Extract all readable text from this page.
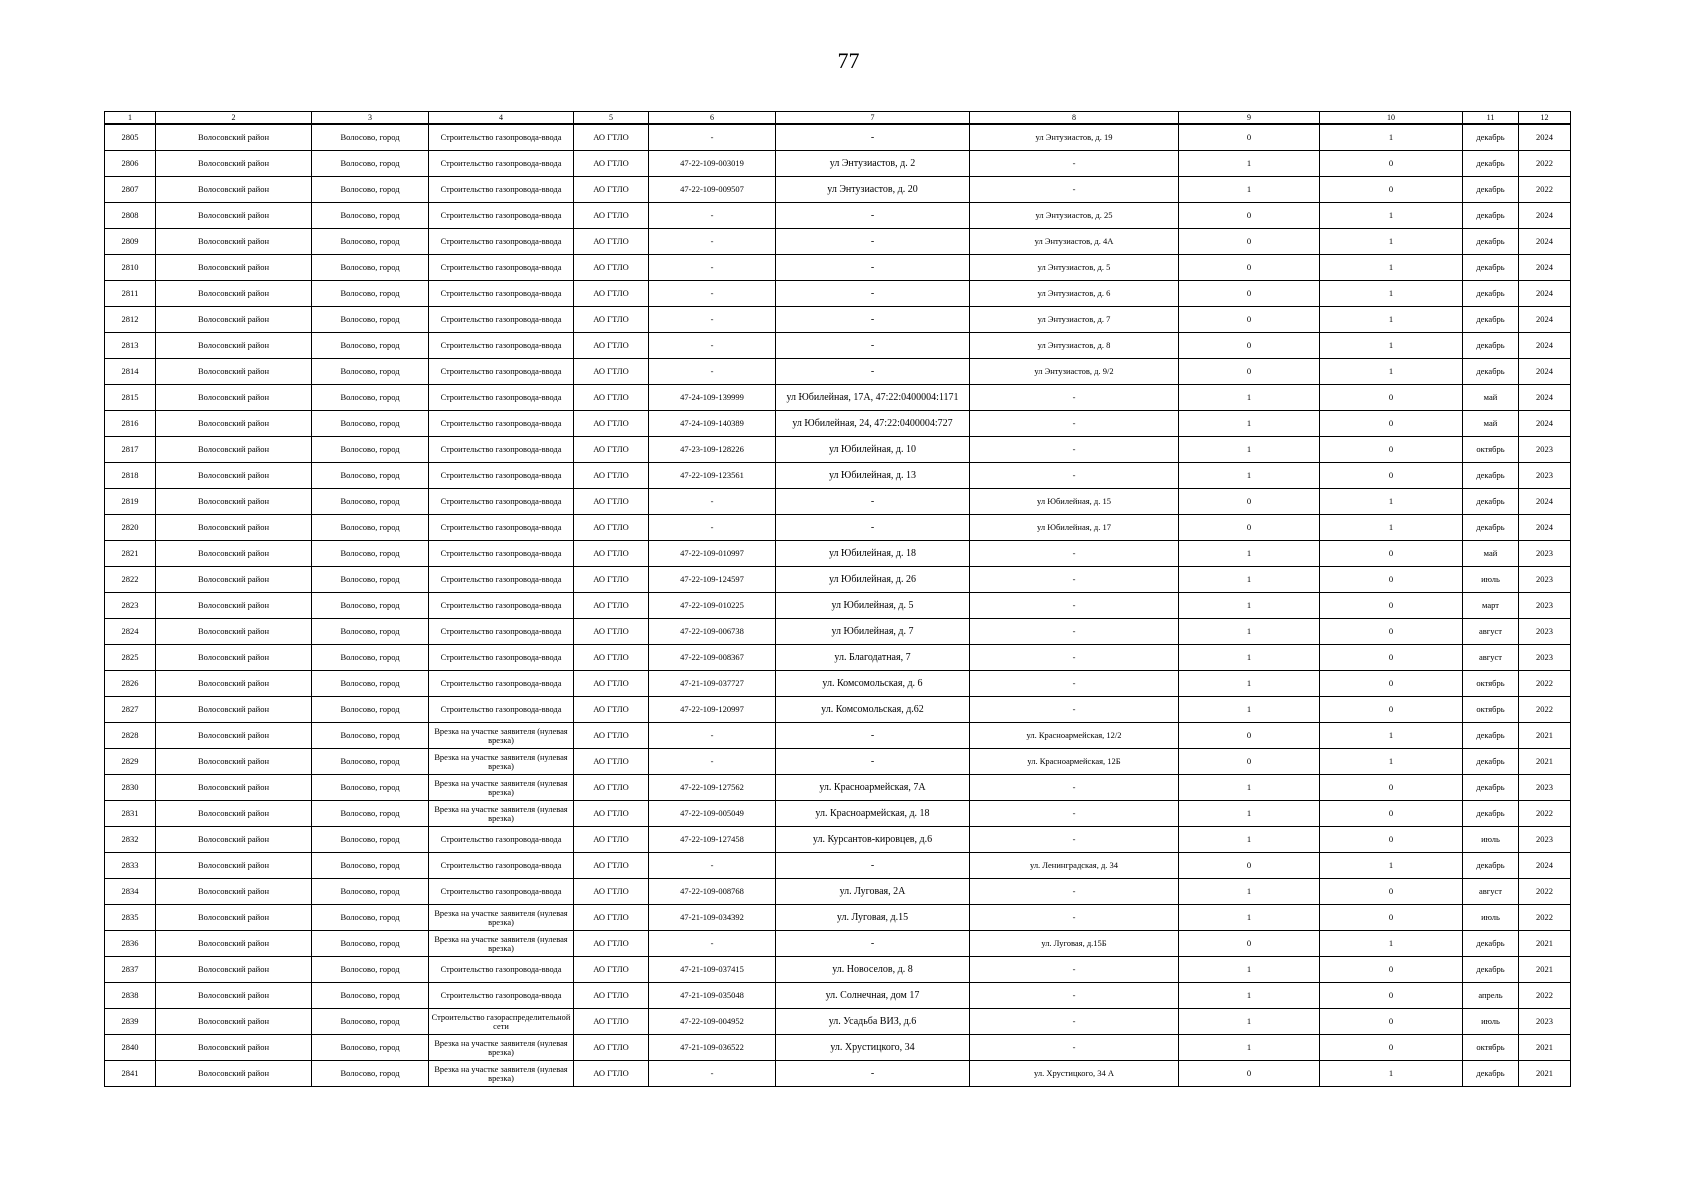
77
1	2	3	4	5	6	7	8	9	10	11	12
2805	Волосовский район	Волосово, город	Строительство газопровода-ввода	АО ГТЛО	-	-	ул Энтузиастов, д. 19	0	1	декабрь	2024
2806	Волосовский район	Волосово, город	Строительство газопровода-ввода	АО ГТЛО	47-22-109-003019	ул Энтузиастов, д. 2	-	1	0	декабрь	2022
2807	Волосовский район	Волосово, город	Строительство газопровода-ввода	АО ГТЛО	47-22-109-009507	ул Энтузиастов, д. 20	-	1	0	декабрь	2022
2808	Волосовский район	Волосово, город	Строительство газопровода-ввода	АО ГТЛО	-	-	ул Энтузиастов, д. 25	0	1	декабрь	2024
2809	Волосовский район	Волосово, город	Строительство газопровода-ввода	АО ГТЛО	-	-	ул Энтузиастов, д. 4А	0	1	декабрь	2024
2810	Волосовский район	Волосово, город	Строительство газопровода-ввода	АО ГТЛО	-	-	ул Энтузиастов, д. 5	0	1	декабрь	2024
2811	Волосовский район	Волосово, город	Строительство газопровода-ввода	АО ГТЛО	-	-	ул Энтузиастов, д. 6	0	1	декабрь	2024
2812	Волосовский район	Волосово, город	Строительство газопровода-ввода	АО ГТЛО	-	-	ул Энтузиастов, д. 7	0	1	декабрь	2024
2813	Волосовский район	Волосово, город	Строительство газопровода-ввода	АО ГТЛО	-	-	ул Энтузиастов, д. 8	0	1	декабрь	2024
2814	Волосовский район	Волосово, город	Строительство газопровода-ввода	АО ГТЛО	-	-	ул Энтузиастов, д. 9/2	0	1	декабрь	2024
2815	Волосовский район	Волосово, город	Строительство газопровода-ввода	АО ГТЛО	47-24-109-139999	ул Юбилейная, 17А, 47:22:0400004:1171	-	1	0	май	2024
2816	Волосовский район	Волосово, город	Строительство газопровода-ввода	АО ГТЛО	47-24-109-140389	ул Юбилейная, 24, 47:22:0400004:727	-	1	0	май	2024
2817	Волосовский район	Волосово, город	Строительство газопровода-ввода	АО ГТЛО	47-23-109-128226	ул Юбилейная, д. 10	-	1	0	октябрь	2023
2818	Волосовский район	Волосово, город	Строительство газопровода-ввода	АО ГТЛО	47-22-109-123561	ул Юбилейная, д. 13	-	1	0	декабрь	2023
2819	Волосовский район	Волосово, город	Строительство газопровода-ввода	АО ГТЛО	-	-	ул Юбилейная, д. 15	0	1	декабрь	2024
2820	Волосовский район	Волосово, город	Строительство газопровода-ввода	АО ГТЛО	-	-	ул Юбилейная, д. 17	0	1	декабрь	2024
2821	Волосовский район	Волосово, город	Строительство газопровода-ввода	АО ГТЛО	47-22-109-010997	ул Юбилейная, д. 18	-	1	0	май	2023
2822	Волосовский район	Волосово, город	Строительство газопровода-ввода	АО ГТЛО	47-22-109-124597	ул Юбилейная, д. 26	-	1	0	июль	2023
2823	Волосовский район	Волосово, город	Строительство газопровода-ввода	АО ГТЛО	47-22-109-010225	ул Юбилейная, д. 5	-	1	0	март	2023
2824	Волосовский район	Волосово, город	Строительство газопровода-ввода	АО ГТЛО	47-22-109-006738	ул Юбилейная, д. 7	-	1	0	август	2023
2825	Волосовский район	Волосово, город	Строительство газопровода-ввода	АО ГТЛО	47-22-109-008367	ул. Благодатная, 7	-	1	0	август	2023
2826	Волосовский район	Волосово, город	Строительство газопровода-ввода	АО ГТЛО	47-21-109-037727	ул. Комсомольская, д. 6	-	1	0	октябрь	2022
2827	Волосовский район	Волосово, город	Строительство газопровода-ввода	АО ГТЛО	47-22-109-120997	ул. Комсомольская, д.62	-	1	0	октябрь	2022
2828	Волосовский район	Волосово, город	Врезка на участке заявителя (нулевая врезка)	АО ГТЛО	-	-	ул. Красноармейская, 12/2	0	1	декабрь	2021
2829	Волосовский район	Волосово, город	Врезка на участке заявителя (нулевая врезка)	АО ГТЛО	-	-	ул. Красноармейская, 12Б	0	1	декабрь	2021
2830	Волосовский район	Волосово, город	Врезка на участке заявителя (нулевая врезка)	АО ГТЛО	47-22-109-127562	ул. Красноармейская, 7А	-	1	0	декабрь	2023
2831	Волосовский район	Волосово, город	Врезка на участке заявителя (нулевая врезка)	АО ГТЛО	47-22-109-005049	ул. Красноармейская, д. 18	-	1	0	декабрь	2022
2832	Волосовский район	Волосово, город	Строительство газопровода-ввода	АО ГТЛО	47-22-109-127458	ул. Курсантов-кировцев, д.6	-	1	0	июль	2023
2833	Волосовский район	Волосово, город	Строительство газопровода-ввода	АО ГТЛО	-	-	ул. Ленинградская, д. 34	0	1	декабрь	2024
2834	Волосовский район	Волосово, город	Строительство газопровода-ввода	АО ГТЛО	47-22-109-008768	ул. Луговая, 2А	-	1	0	август	2022
2835	Волосовский район	Волосово, город	Врезка на участке заявителя (нулевая врезка)	АО ГТЛО	47-21-109-034392	ул. Луговая, д.15	-	1	0	июль	2022
2836	Волосовский район	Волосово, город	Врезка на участке заявителя (нулевая врезка)	АО ГТЛО	-	-	ул. Луговая, д.15Б	0	1	декабрь	2021
2837	Волосовский район	Волосово, город	Строительство газопровода-ввода	АО ГТЛО	47-21-109-037415	ул. Новоселов, д. 8	-	1	0	декабрь	2021
2838	Волосовский район	Волосово, город	Строительство газопровода-ввода	АО ГТЛО	47-21-109-035048	ул. Солнечная, дом 17	-	1	0	апрель	2022
2839	Волосовский район	Волосово, город	Строительство газораспределительной сети	АО ГТЛО	47-22-109-004952	ул. Усадьба ВИЗ, д.6	-	1	0	июль	2023
2840	Волосовский район	Волосово, город	Врезка на участке заявителя (нулевая врезка)	АО ГТЛО	47-21-109-036522	ул. Хрустицкого, 34	-	1	0	октябрь	2021
2841	Волосовский район	Волосово, город	Врезка на участке заявителя (нулевая врезка)	АО ГТЛО	-	-	ул. Хрустицкого, 34 А	0	1	декабрь	2021
